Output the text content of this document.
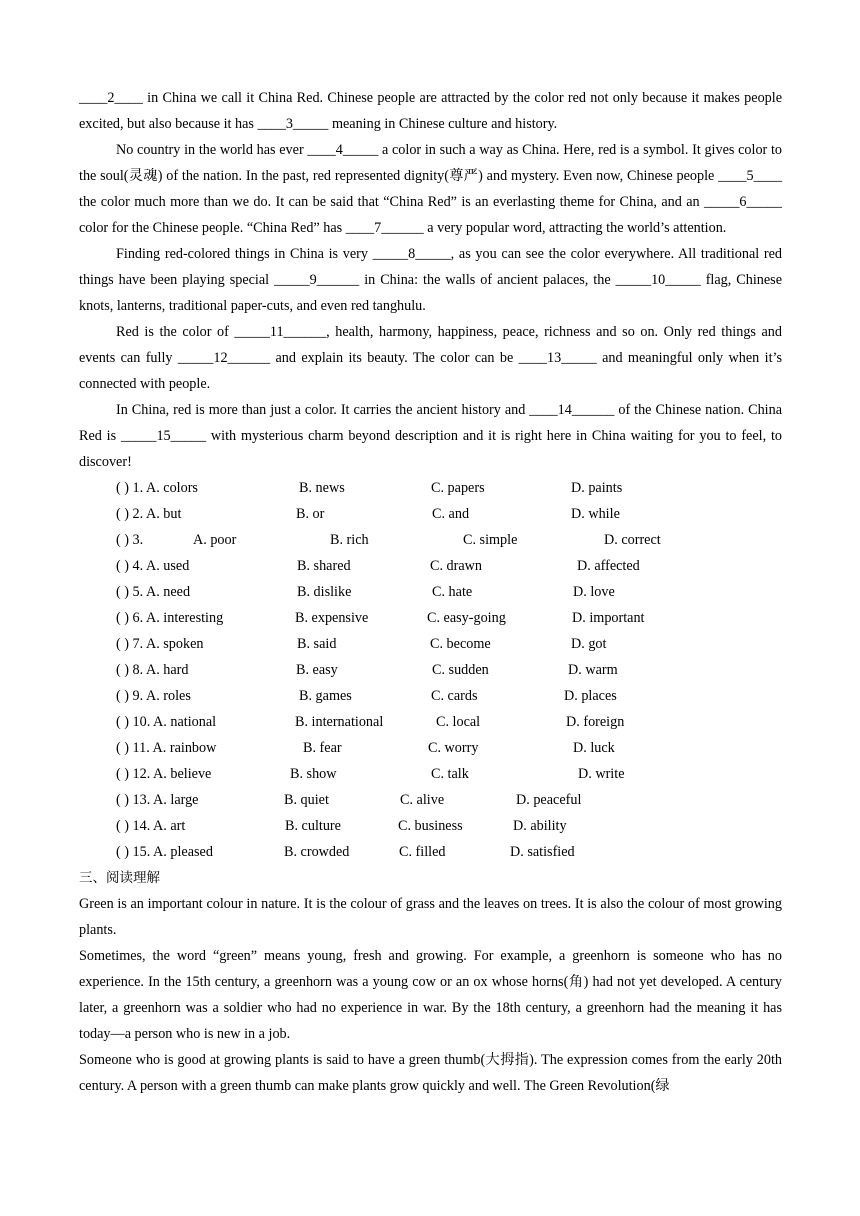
____2____ in China we call it China Red. Chinese people are attracted by the color red not only because it makes people excited, but also because it has ____3_____ meaning in Chinese culture and history.

No country in the world has ever ____4_____ a color in such a way as China. Here, red is a symbol. It gives color to the soul(灵魂) of the nation. In the past, red represented dignity(尊严) and mystery. Even now, Chinese people ____5____ the color much more than we do. It can be said that “China Red” is an everlasting theme for China, and an _____6_____ color for the Chinese people. “China Red” has ____7______ a very popular word, attracting the world’s attention.

Finding red-colored things in China is very _____8_____, as you can see the color everywhere. All traditional red things have been playing special _____9______ in China: the walls of ancient palaces, the _____10_____ flag, Chinese knots, lanterns, traditional paper-cuts, and even red tanghulu.

Red is the color of _____11______, health, harmony, happiness, peace, richness and so on. Only red things and events can fully _____12______ and explain its beauty. The color can be ____13_____ and meaningful only when it’s connected with people.

In China, red is more than just a color. It carries the ancient history and ____14______ of the Chinese nation. China Red is _____15_____ with mysterious charm beyond description and it is right here in China waiting for you to feel, to discover!

( ) 1. A. colors	B. news	C. papers	D. paints
( ) 2. A. but	B. or	C. and	D. while
( ) 3.	A. poor	B. rich	C. simple	D. correct
( ) 4. A. used	B. shared	C. drawn	D. affected
( ) 5. A. need	B. dislike	C. hate	D. love
( ) 6. A. interesting	B. expensive	C. easy-going	D. important
( ) 7. A. spoken	B. said	C. become	D. got
( ) 8. A. hard	B. easy	C. sudden	D. warm
( ) 9. A. roles	B. games	C. cards	D. places
( ) 10. A. national	B. international	C. local	D. foreign
( ) 11. A. rainbow	B. fear	C. worry	D. luck
( ) 12. A. believe	B. show	C. talk	D. write
( ) 13. A. large	B. quiet	C. alive	D. peaceful
( ) 14. A. art	B. culture	C. business	D. ability
( ) 15. A. pleased	B. crowded	C. filled	D. satisfied
三、阅读理解

Green is an important colour in nature. It is the colour of grass and the leaves on trees. It is also the colour of most growing plants.

Sometimes, the word “green” means young, fresh and growing. For example, a greenhorn is someone who has no experience. In the 15th century, a greenhorn was a young cow or an ox whose horns(角) had not yet developed. A century later, a greenhorn was a soldier who had no experience in war. By the 18th century, a greenhorn had the meaning it has today—a person who is new in a job.

Someone who is good at growing plants is said to have a green thumb(大拇指). The expression comes from the early 20th century. A person with a green thumb can make plants grow quickly and well. The Green Revolution(绿
